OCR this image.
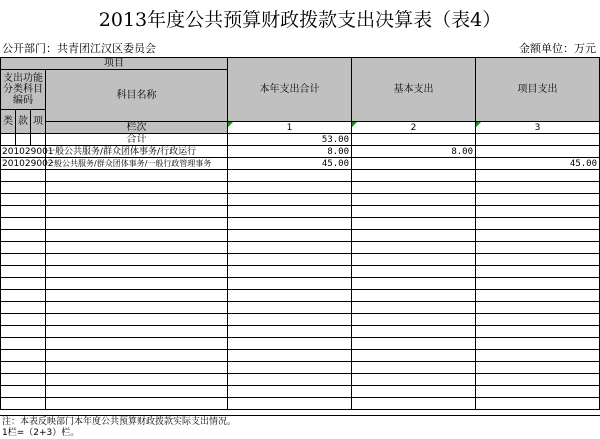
2013年度公共预算财政拨款支出决算表（表4）
公开部门：共青团江汉区委员会	金额单位：万元
项目				本年支出合计	基本支出	项目支出
支出功能分类科目编码			科目名称			

类	款	项				
			栏次	1	2	3
			合计	53.00		
201029001			一般公共服务/群众团体事务/行政运行	8.00	8.00	
201029002			一般公共服务/群众团体事务/一般行政管理事务	45.00		45.00

注：本表反映部门本年度公共预算财政拨款实际支出情况。
1栏=（2+3）栏。
